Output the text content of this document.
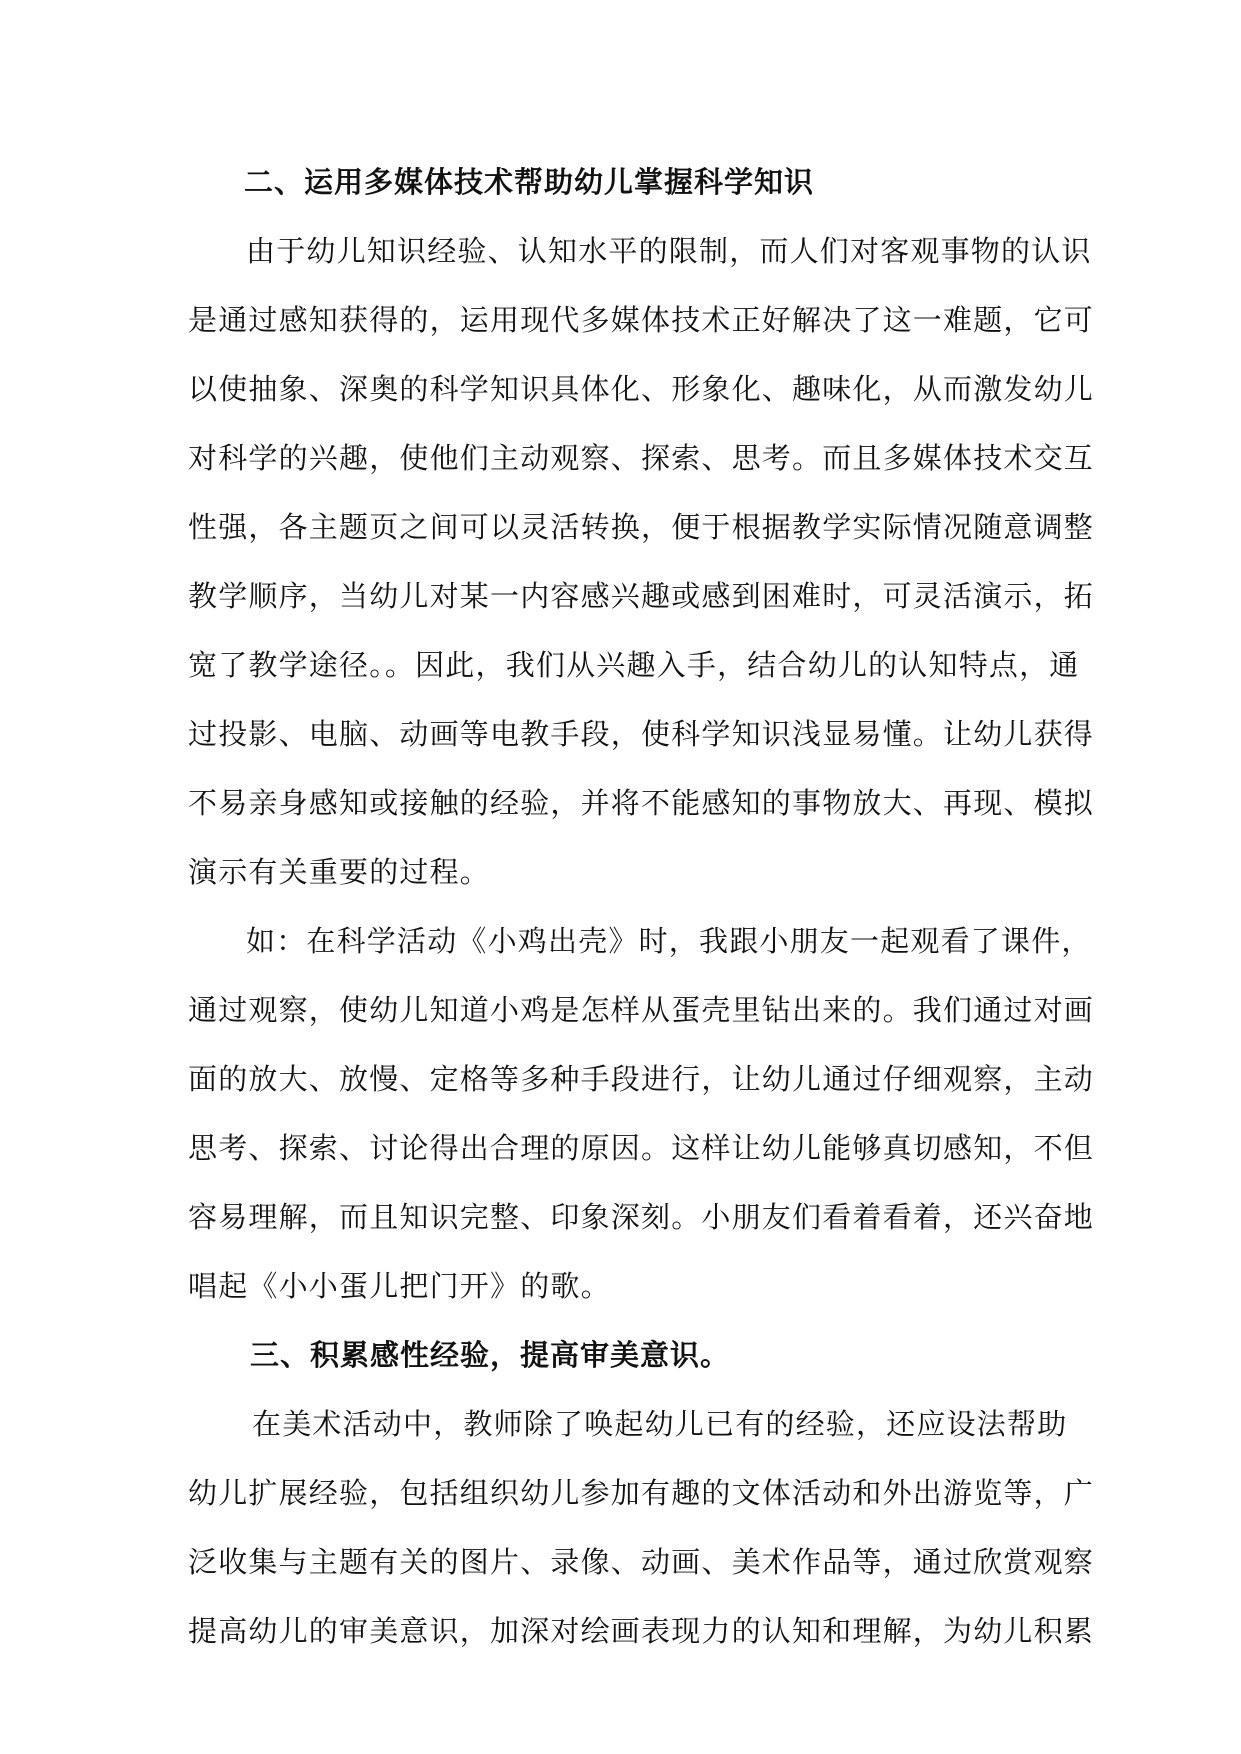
二、运用多媒体技术帮助幼儿掌握科学知识
由于幼儿知识经验、认知水平的限制，而人们对客观事物的认识
是通过感知获得的，运用现代多媒体技术正好解决了这一难题，它可
以使抽象、深奥的科学知识具体化、形象化、趣味化，从而激发幼儿
对科学的兴趣，使他们主动观察、探索、思考。而且多媒体技术交互
性强，各主题页之间可以灵活转换，便于根据教学实际情况随意调整
教学顺序，当幼儿对某一内容感兴趣或感到困难时，可灵活演示，拓
宽了教学途径。。因此，我们从兴趣入手，结合幼儿的认知特点，通
过投影、电脑、动画等电教手段，使科学知识浅显易懂。让幼儿获得
不易亲身感知或接触的经验，并将不能感知的事物放大、再现、模拟
演示有关重要的过程。
如：在科学活动《小鸡出壳》时，我跟小朋友一起观看了课件，
通过观察，使幼儿知道小鸡是怎样从蛋壳里钻出来的。我们通过对画
面的放大、放慢、定格等多种手段进行，让幼儿通过仔细观察，主动
思考、探索、讨论得出合理的原因。这样让幼儿能够真切感知，不但
容易理解，而且知识完整、印象深刻。小朋友们看着看着，还兴奋地
唱起《小小蛋儿把门开》的歌。
三、积累感性经验，提高审美意识。
在美术活动中，教师除了唤起幼儿已有的经验，还应设法帮助
幼儿扩展经验，包括组织幼儿参加有趣的文体活动和外出游览等，广
泛收集与主题有关的图片、录像、动画、美术作品等，通过欣赏观察
提高幼儿的审美意识，加深对绘画表现力的认知和理解，为幼儿积累
